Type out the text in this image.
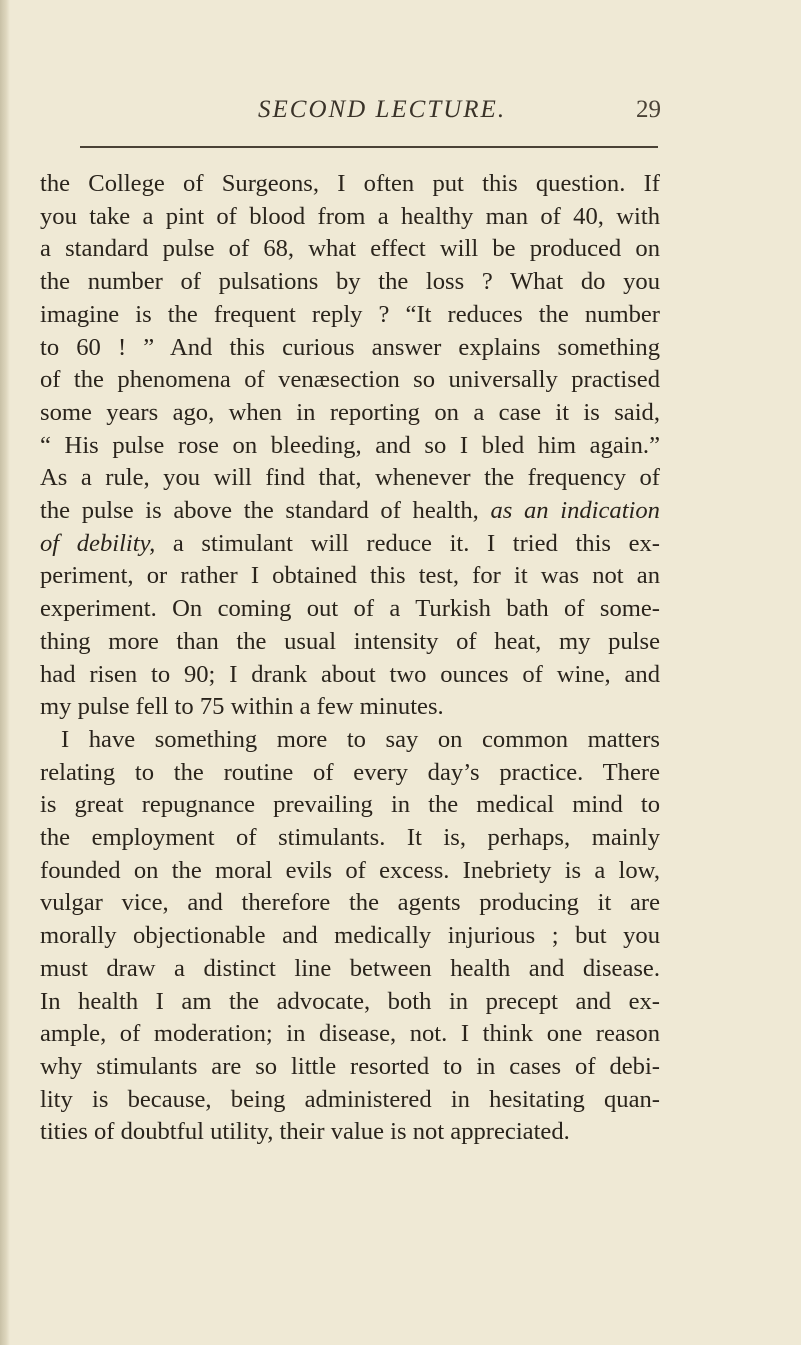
SECOND LECTURE.	29
the College of Surgeons, I often put this question. If
you take a pint of blood from a healthy man of 40, with
a standard pulse of 68, what effect will be produced on
the number of pulsations by the loss ? What do you
imagine is the frequent reply ? “It reduces the number
to 60 ! ” And this curious answer explains something
of the phenomena of venæsection so universally practised
some years ago, when in reporting on a case it is said,
“ His pulse rose on bleeding, and so I bled him again.”
As a rule, you will find that, whenever the frequency of
the pulse is above the standard of health, as an indication
of debility, a stimulant will reduce it. I tried this ex-
periment, or rather I obtained this test, for it was not an
experiment. On coming out of a Turkish bath of some-
thing more than the usual intensity of heat, my pulse
had risen to 90; I drank about two ounces of wine, and
my pulse fell to 75 within a few minutes.
I have something more to say on common matters
relating to the routine of every day’s practice. There
is great repugnance prevailing in the medical mind to
the employment of stimulants. It is, perhaps, mainly
founded on the moral evils of excess. Inebriety is a low,
vulgar vice, and therefore the agents producing it are
morally objectionable and medically injurious ; but you
must draw a distinct line between health and disease.
In health I am the advocate, both in precept and ex-
ample, of moderation; in disease, not. I think one reason
why stimulants are so little resorted to in cases of debi-
lity is because, being administered in hesitating quan-
tities of doubtful utility, their value is not appreciated.
